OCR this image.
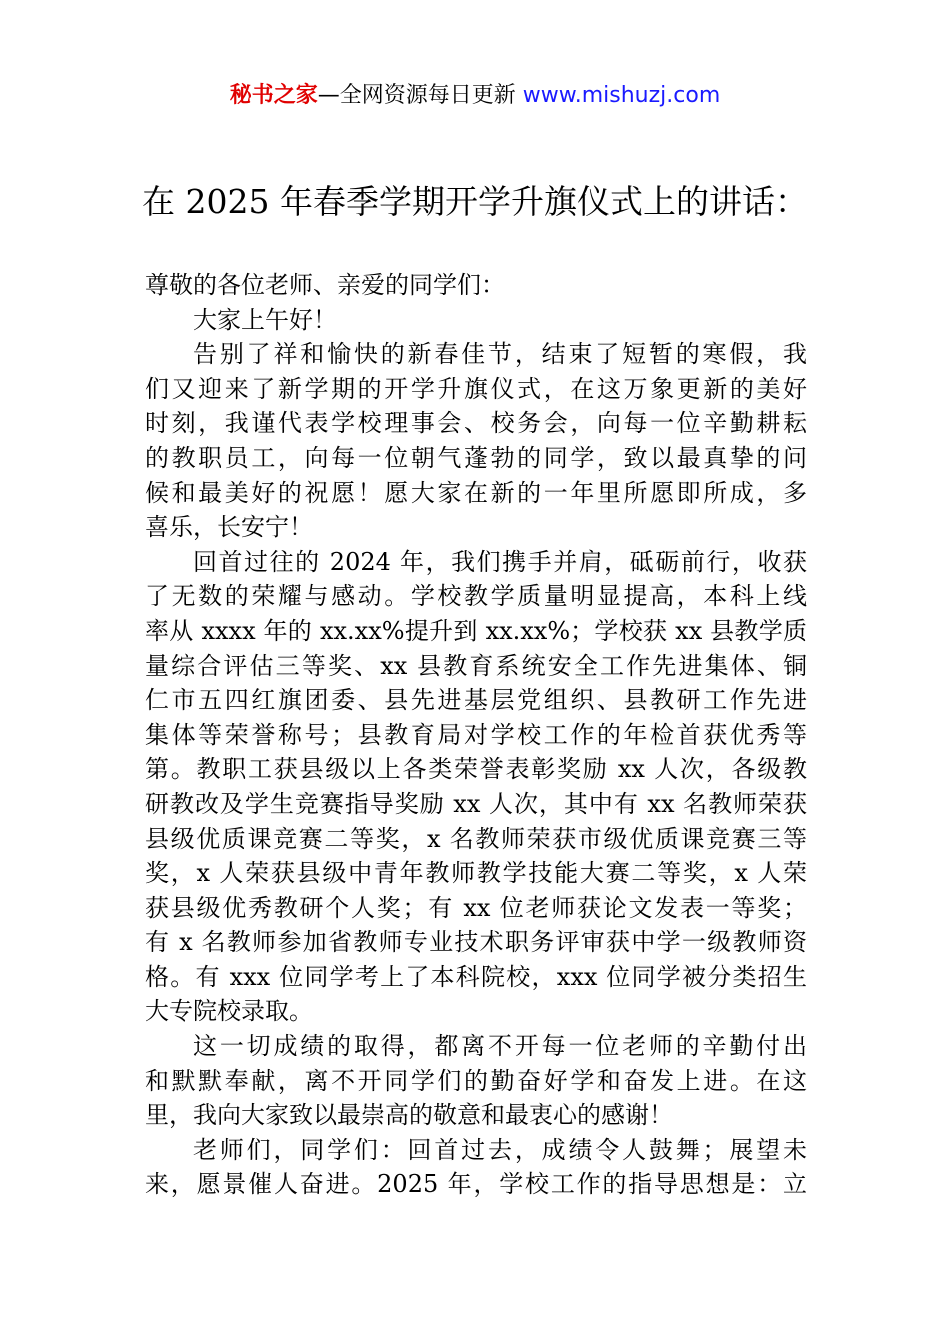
秘书之家—全网资源每日更新 www.mishuzj.com
在 2025 年春季学期开学升旗仪式上的讲话：
尊敬的各位老师、亲爱的同学们：
大家上午好！
告别了祥和愉快的新春佳节，结束了短暂的寒假，我
们又迎来了新学期的开学升旗仪式，在这万象更新的美好
时刻，我谨代表学校理事会、校务会，向每一位辛勤耕耘
的教职员工，向每一位朝气蓬勃的同学，致以最真挚的问
候和最美好的祝愿！愿大家在新的一年里所愿即所成，多
喜乐，长安宁！
回首过往的 2024 年，我们携手并肩，砥砺前行，收获
了无数的荣耀与感动。学校教学质量明显提高，本科上线
率从 xxxx 年的 xx.xx%提升到 xx.xx%；学校获 xx 县教学质
量综合评估三等奖、xx 县教育系统安全工作先进集体、铜
仁市五四红旗团委、县先进基层党组织、县教研工作先进
集体等荣誉称号；县教育局对学校工作的年检首获优秀等
第。教职工获县级以上各类荣誉表彰奖励 xx 人次，各级教
研教改及学生竞赛指导奖励 xx 人次，其中有 xx 名教师荣获
县级优质课竞赛二等奖，x 名教师荣获市级优质课竞赛三等
奖，x 人荣获县级中青年教师教学技能大赛二等奖，x 人荣
获县级优秀教研个人奖；有 xx 位老师获论文发表一等奖；
有 x 名教师参加省教师专业技术职务评审获中学一级教师资
格。有 xxx 位同学考上了本科院校，xxx 位同学被分类招生
大专院校录取。
这一切成绩的取得，都离不开每一位老师的辛勤付出
和默默奉献，离不开同学们的勤奋好学和奋发上进。在这
里，我向大家致以最崇高的敬意和最衷心的感谢！
老师们，同学们：回首过去，成绩令人鼓舞；展望未
来，愿景催人奋进。2025 年，学校工作的指导思想是：立
